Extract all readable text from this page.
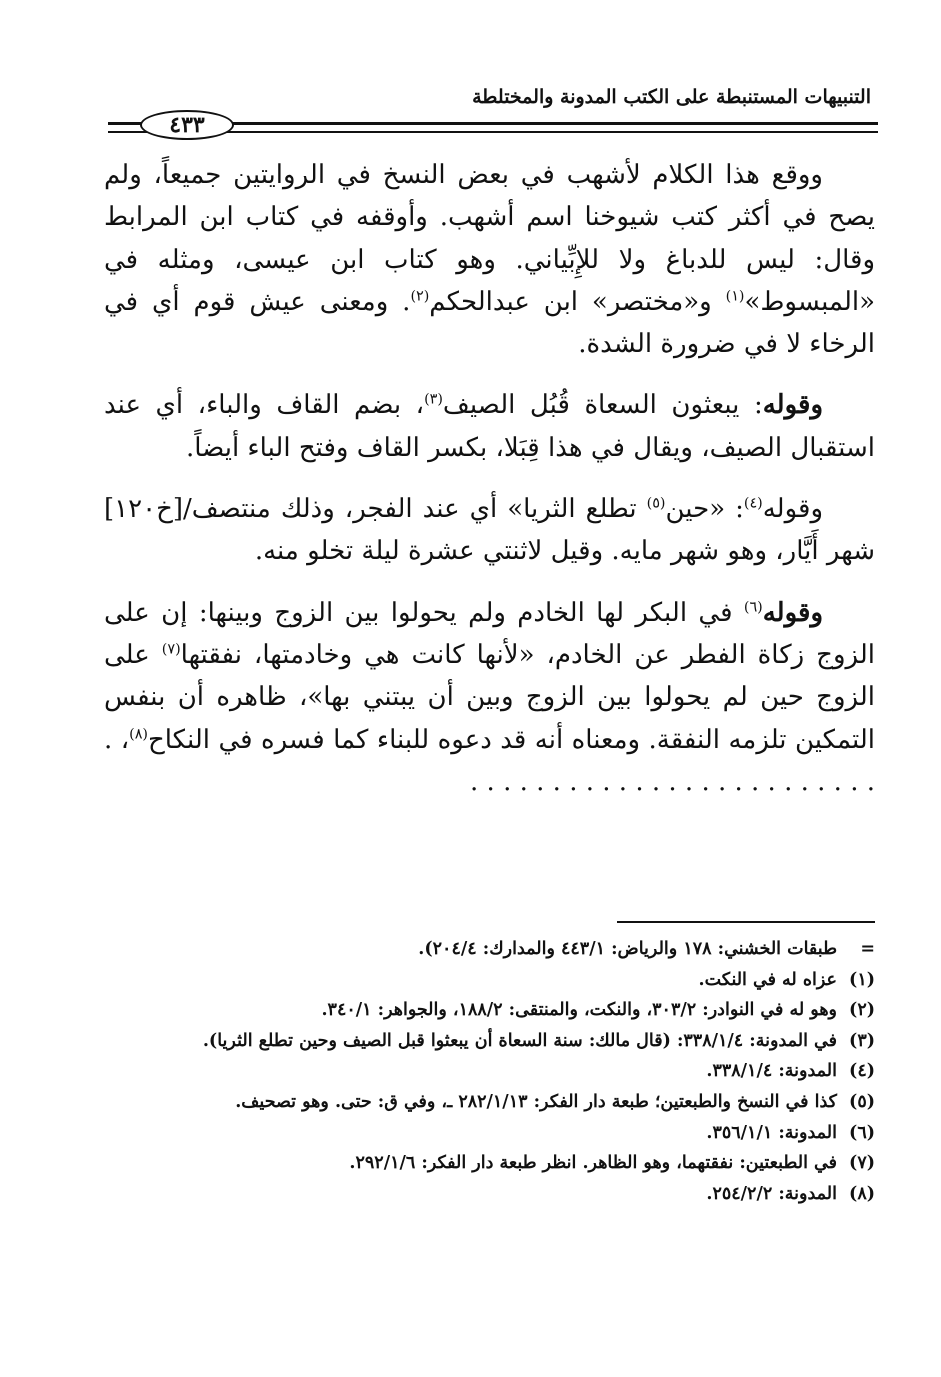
التنبيهات المستنبطة على الكتب المدونة والمختلطة
٤٣٣

ووقع هذا الكلام لأشهب في بعض النسخ في الروايتين جميعاً، ولم يصح في أكثر كتب شيوخنا اسم أشهب. وأوقفه في كتاب ابن المرابط وقال: ليس للدباغ ولا للإِبِّياني. وهو كتاب ابن عيسى، ومثله في «المبسوط»$^{(١)}$ و«مختصر» ابن عبدالحكم$^{(٢)}$. ومعنى عيش قوم أي في الرخاء لا في ضرورة الشدة.

وقوله: يبعثون السعاة قُبُل الصيف$^{(٣)}$، بضم القاف والباء، أي عند استقبال الصيف، ويقال في هذا قِبَلا، بكسر القاف وفتح الباء أيضاً.

وقوله$^{(٤)}$: «حين$^{(٥)}$ تطلع الثريا» أي عند الفجر، وذلك منتصف/[خ١٢٠] شهر أَيَّار، وهو شهر مايه. وقيل لاثنتي عشرة ليلة تخلو منه.

وقوله$^{(٦)}$ في البكر لها الخادم ولم يحولوا بين الزوج وبينها: إن على الزوج زكاة الفطر عن الخادم، «لأنها كانت هي وخادمتها، نفقتها$^{(٧)}$ على الزوج حين لم يحولوا بين الزوج وبين أن يبتني بها»، ظاهره أن بنفس التمكين تلزمه النفقة. ومعناه أنه قد دعوه للبناء كما فسره في النكاح$^{(٨)}$، . . . . . . . . . . . . . . . . . . . . . . . . . .

=
طبقات الخشني: ١٧٨ والرياض: ٤٤٣/١ والمدارك: ٢٠٤/٤).
(١)
عزاه له في النكت.
(٢)
وهو له في النوادر: ٣٠٣/٢، والنكت، والمنتقى: ١٨٨/٢، والجواهر: ٣٤٠/١.
(٣)
في المدونة: ٣٣٨/١/٤: (قال مالك: سنة السعاة أن يبعثوا قبل الصيف وحين تطلع الثريا).
(٤)
المدونة: ٣٣٨/١/٤.
(٥)
كذا في النسخ والطبعتين؛ طبعة دار الفكر: ٢٨٢/١/١٣ ـ، وفي ق: حتى. وهو تصحيف.
(٦)
المدونة: ٣٥٦/١/١.
(٧)
في الطبعتين: نفقتهما، وهو الظاهر. انظر طبعة دار الفكر: ٢٩٢/١/٦.
(٨)
المدونة: ٢٥٤/٢/٢.
